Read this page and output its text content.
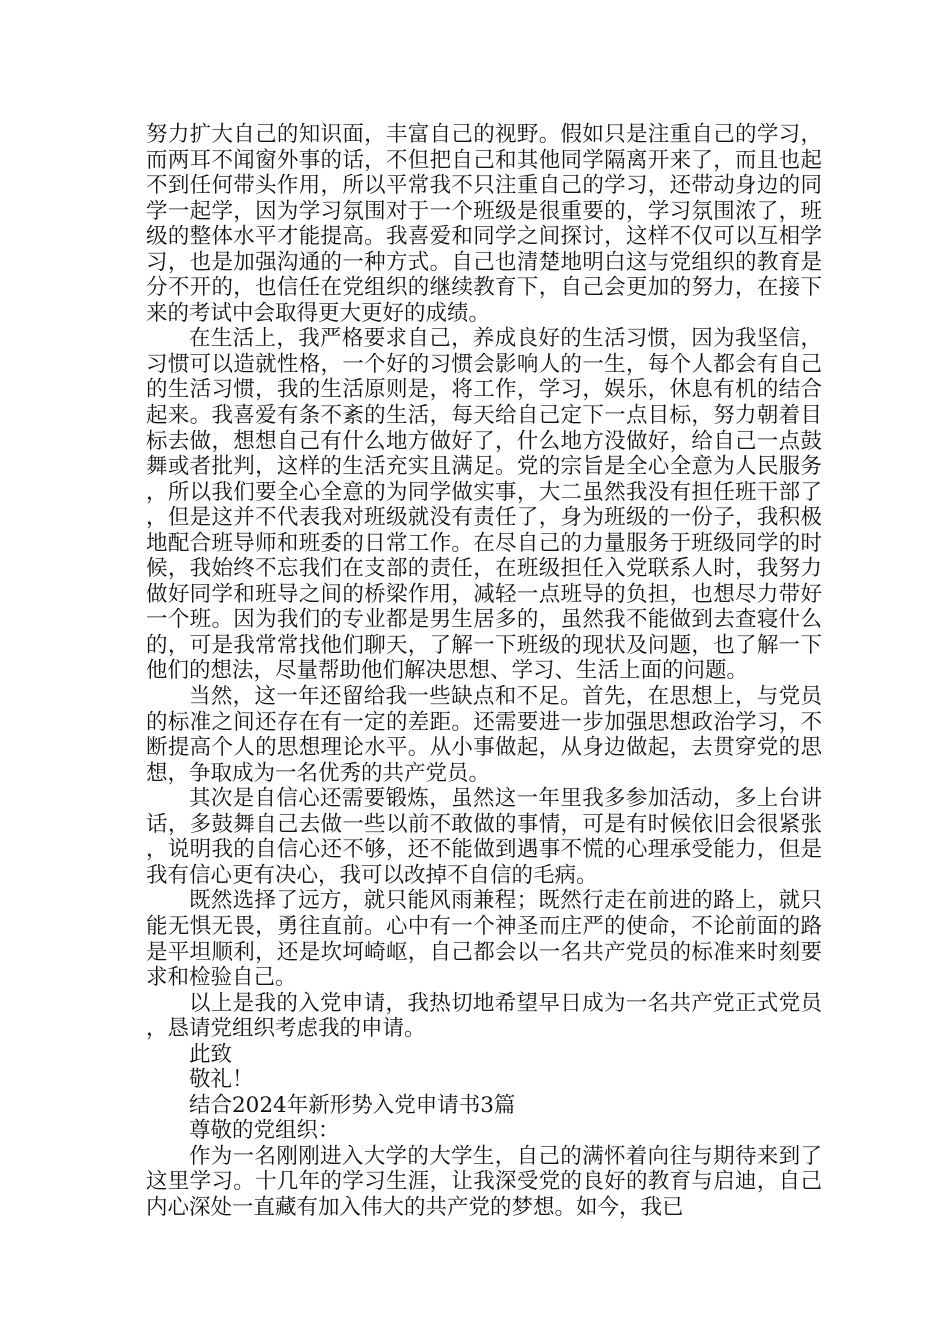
努力扩大自己的知识面，丰富自己的视野。假如只是注重自己的学习，而两耳不闻窗外事的话，不但把自己和其他同学隔离开来了，而且也起不到任何带头作用，所以平常我不只注重自己的学习，还带动身边的同学一起学，因为学习氛围对于一个班级是很重要的，学习氛围浓了，班级的整体水平才能提高。我喜爱和同学之间探讨，这样不仅可以互相学习，也是加强沟通的一种方式。自己也清楚地明白这与党组织的教育是分不开的，也信任在党组织的继续教育下，自己会更加的努力，在接下来的考试中会取得更大更好的成绩。

在生活上，我严格要求自己，养成良好的生活习惯，因为我坚信，习惯可以造就性格，一个好的习惯会影响人的一生，每个人都会有自己的生活习惯，我的生活原则是，将工作，学习，娱乐，休息有机的结合起来。我喜爱有条不紊的生活，每天给自己定下一点目标，努力朝着目标去做，想想自己有什么地方做好了，什么地方没做好，给自己一点鼓舞或者批判，这样的生活充实且满足。党的宗旨是全心全意为人民服务，所以我们要全心全意的为同学做实事，大二虽然我没有担任班干部了，但是这并不代表我对班级就没有责任了，身为班级的一份子，我积极地配合班导师和班委的日常工作。在尽自己的力量服务于班级同学的时候，我始终不忘我们在支部的责任，在班级担任入党联系人时，我努力做好同学和班导之间的桥梁作用，减轻一点班导的负担，也想尽力带好一个班。因为我们的专业都是男生居多的，虽然我不能做到去查寝什么的，可是我常常找他们聊天，了解一下班级的现状及问题，也了解一下他们的想法，尽量帮助他们解决思想、学习、生活上面的问题。

当然，这一年还留给我一些缺点和不足。首先，在思想上，与党员的标准之间还存在有一定的差距。还需要进一步加强思想政治学习，不断提高个人的思想理论水平。从小事做起，从身边做起，去贯穿党的思想，争取成为一名优秀的共产党员。

其次是自信心还需要锻炼，虽然这一年里我多参加活动，多上台讲话，多鼓舞自己去做一些以前不敢做的事情，可是有时候依旧会很紧张，说明我的自信心还不够，还不能做到遇事不慌的心理承受能力，但是我有信心更有决心，我可以改掉不自信的毛病。

既然选择了远方，就只能风雨兼程；既然行走在前进的路上，就只能无惧无畏，勇往直前。心中有一个神圣而庄严的使命，不论前面的路是平坦顺利，还是坎坷崎岖，自己都会以一名共产党员的标准来时刻要求和检验自己。

以上是我的入党申请，我热切地希望早日成为一名共产党正式党员，恳请党组织考虑我的申请。

此致

敬礼！

结合2024年新形势入党申请书3篇

尊敬的党组织：

作为一名刚刚进入大学的大学生，自己的满怀着向往与期待来到了这里学习。十几年的学习生涯，让我深受党的良好的教育与启迪，自己内心深处一直藏有加入伟大的共产党的梦想。如今，我已
